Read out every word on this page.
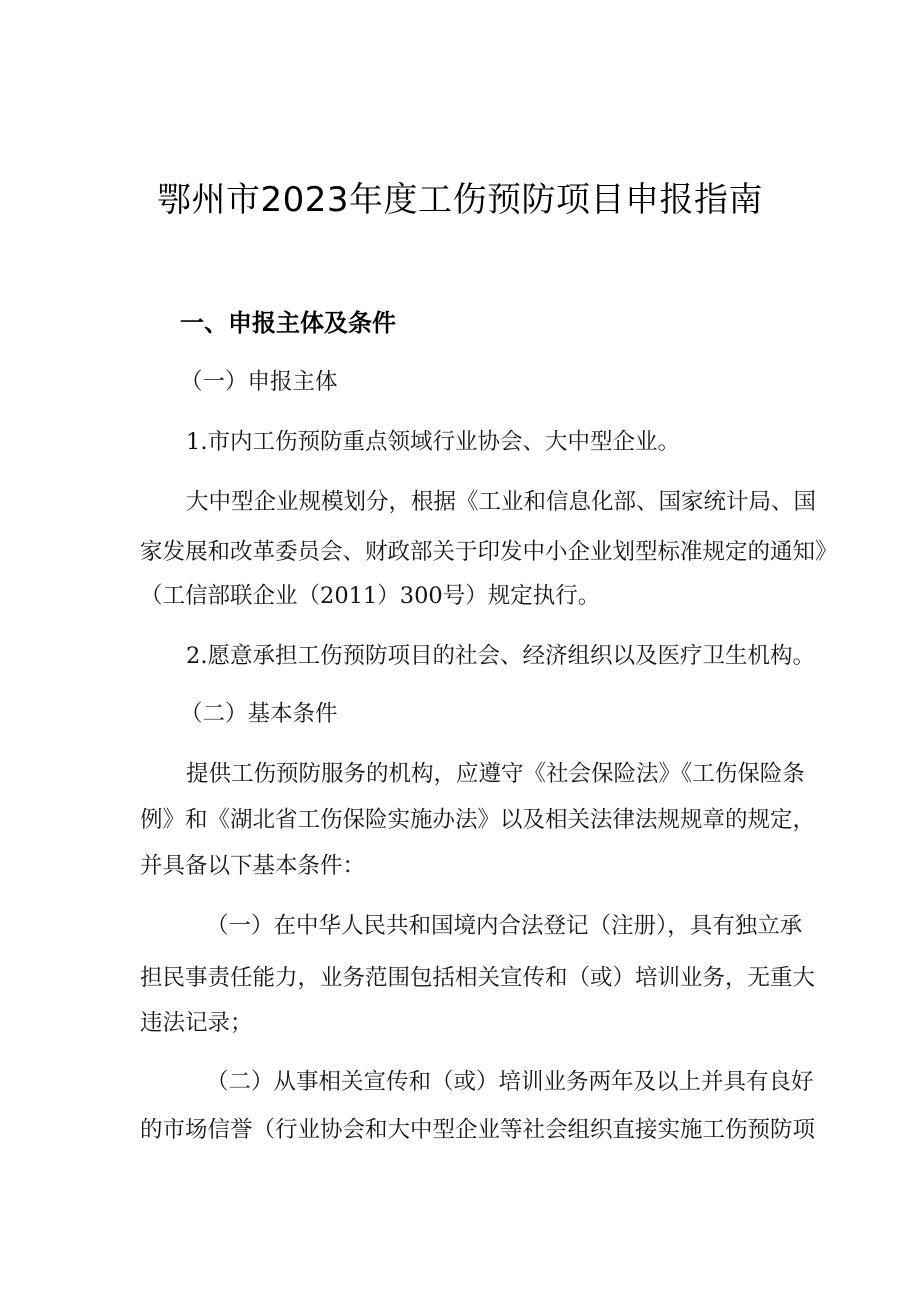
鄂州市2023年度工伤预防项目申报指南
一、申报主体及条件
（一）申报主体
1.市内工伤预防重点领域行业协会、大中型企业。
大中型企业规模划分，根据《工业和信息化部、国家统计局、国
家发展和改革委员会、财政部关于印发中小企业划型标准规定的通知》
（工信部联企业（2011）300号）规定执行。
2.愿意承担工伤预防项目的社会、经济组织以及医疗卫生机构。
（二）基本条件
提供工伤预防服务的机构，应遵守《社会保险法》《工伤保险条
例》和《湖北省工伤保险实施办法》以及相关法律法规规章的规定，
并具备以下基本条件：
（一）在中华人民共和国境内合法登记（注册），具有独立承
担民事责任能力，业务范围包括相关宣传和（或）培训业务，无重大
违法记录；
（二）从事相关宣传和（或）培训业务两年及以上并具有良好
的市场信誉（行业协会和大中型企业等社会组织直接实施工伤预防项
